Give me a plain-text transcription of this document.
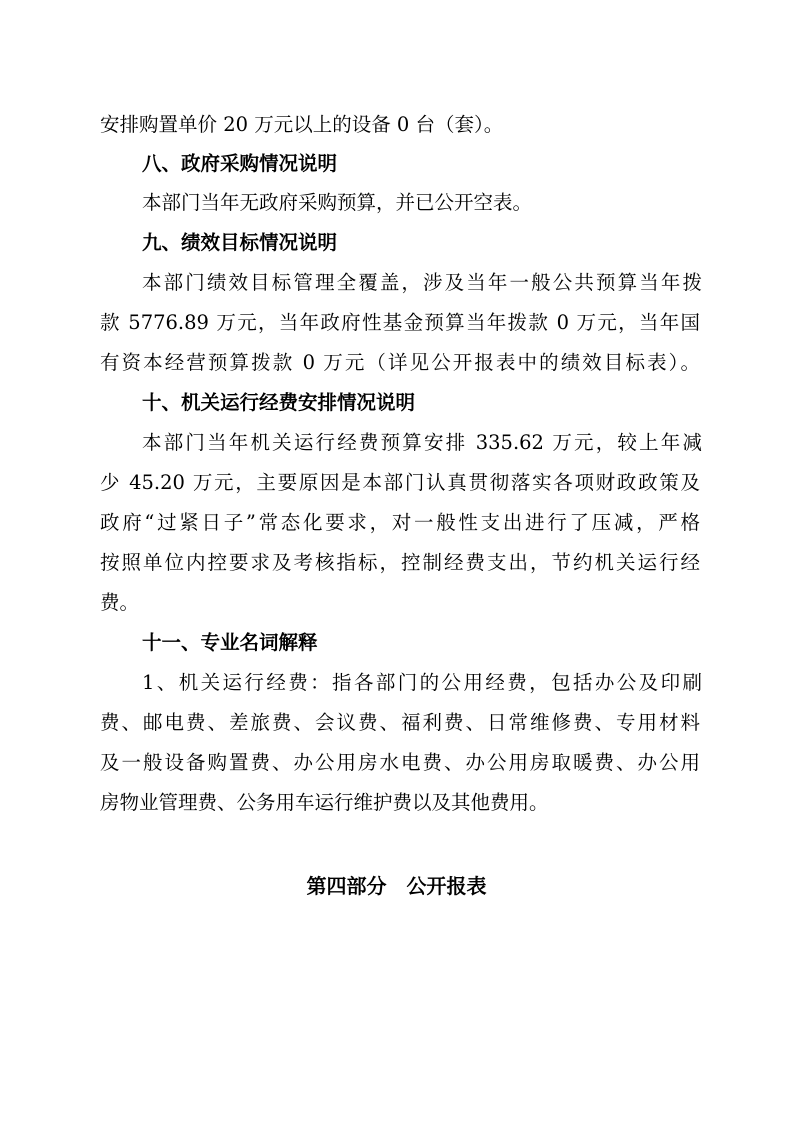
安排购置单价 20 万元以上的设备 0 台（套）。
八、政府采购情况说明
本部门当年无政府采购预算，并已公开空表。
九、绩效目标情况说明
本部门绩效目标管理全覆盖，涉及当年一般公共预算当年拨
款 5776.89 万元，当年政府性基金预算当年拨款 0 万元，当年国
有资本经营预算拨款 0 万元（详见公开报表中的绩效目标表）。
十、机关运行经费安排情况说明
本部门当年机关运行经费预算安排 335.62 万元，较上年减
少 45.20 万元，主要原因是本部门认真贯彻落实各项财政政策及
政府“过紧日子”常态化要求，对一般性支出进行了压减，严格
按照单位内控要求及考核指标，控制经费支出，节约机关运行经
费。
十一、专业名词解释
1、机关运行经费：指各部门的公用经费，包括办公及印刷
费、邮电费、差旅费、会议费、福利费、日常维修费、专用材料
及一般设备购置费、办公用房水电费、办公用房取暖费、办公用
房物业管理费、公务用车运行维护费以及其他费用。
第四部分　公开报表
